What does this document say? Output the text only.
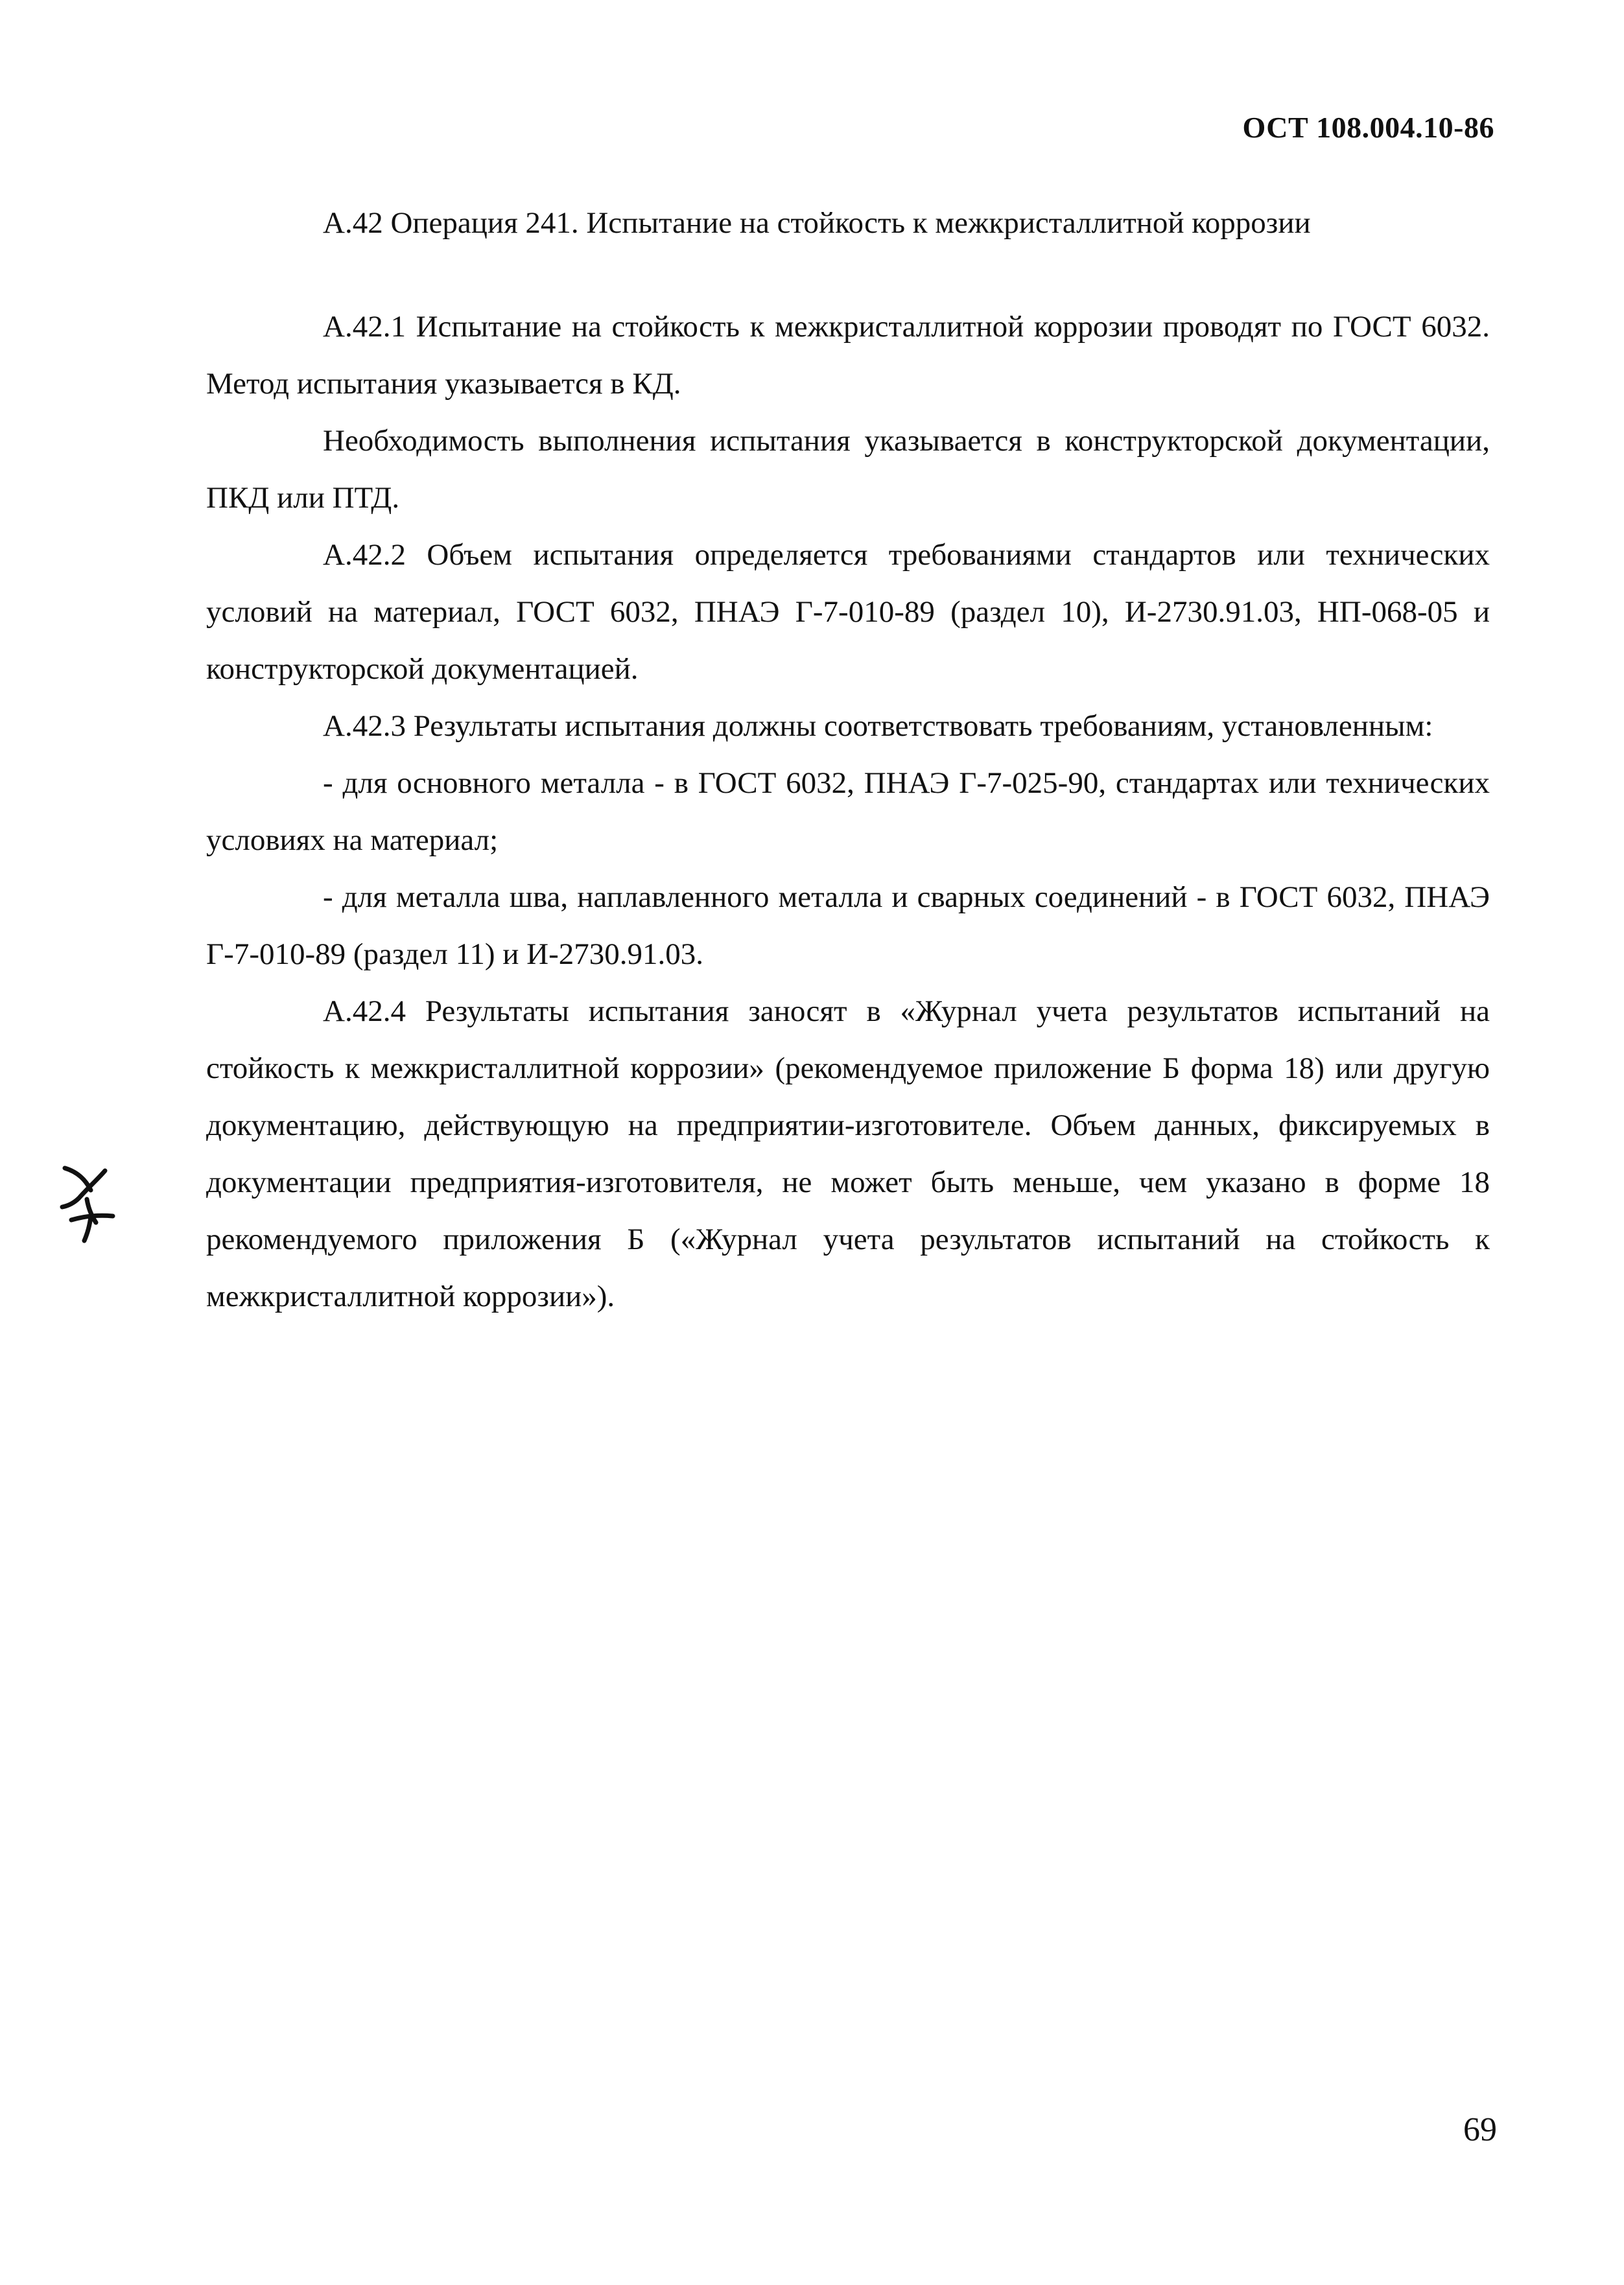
ОСТ 108.004.10-86

А.42 Операция 241. Испытание на стойкость к межкристаллитной коррозии

А.42.1 Испытание на стойкость к межкристаллитной коррозии проводят по ГОСТ 6032. Метод испытания указывается в КД.

Необходимость выполнения испытания указывается в конструкторской документации, ПКД или ПТД.

А.42.2 Объем испытания определяется требованиями стандартов или технических условий на материал, ГОСТ 6032, ПНАЭ Г-7-010-89 (раздел 10), И-2730.91.03, НП-068-05 и конструкторской документацией.

А.42.3 Результаты испытания должны соответствовать требованиям, установленным:

- для основного металла - в ГОСТ 6032, ПНАЭ Г-7-025-90, стандартах или технических условиях на материал;

- для металла шва, наплавленного металла и сварных соединений - в ГОСТ 6032, ПНАЭ Г-7-010-89 (раздел 11) и И-2730.91.03.

А.42.4 Результаты испытания заносят в «Журнал учета результатов испытаний на стойкость к межкристаллитной коррозии» (рекомендуемое приложение Б форма 18) или другую документацию, действующую на предприятии-изготовителе. Объем данных, фиксируемых в документации предприятия-изготовителя, не может быть меньше, чем указано в форме 18 рекомендуемого приложения Б («Журнал учета результатов испытаний на стойкость к межкристаллитной коррозии»).

69
